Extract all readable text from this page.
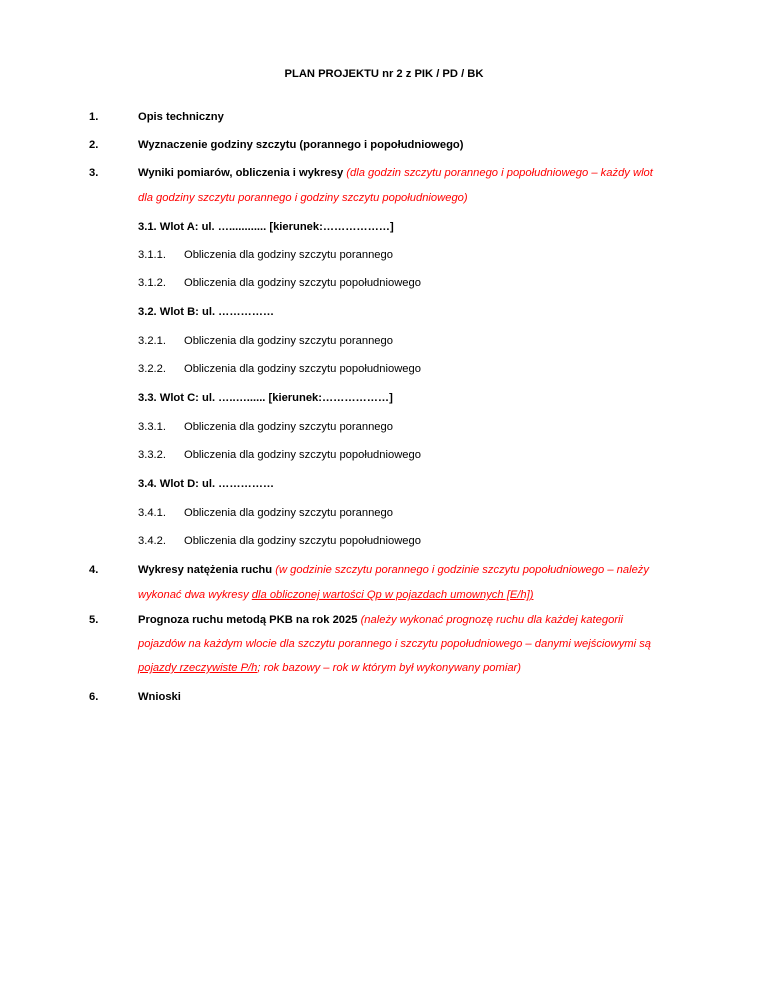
PLAN PROJEKTU nr 2 z PIK / PD / BK
1.	Opis techniczny
2.	Wyznaczenie godziny szczytu (porannego i popołudniowego)
3.	Wyniki pomiarów, obliczenia i wykresy (dla godzin szczytu porannego i popołudniowego – każdy wlot
dla godziny szczytu porannego i godziny szczytu popołudniowego)
3.1. Wlot A: ul. …............ [kierunek:………………]
3.1.1. Obliczenia dla godziny szczytu porannego
3.1.2. Obliczenia dla godziny szczytu popołudniowego
3.2. Wlot B: ul. ……………
3.2.1. Obliczenia dla godziny szczytu porannego
3.2.2. Obliczenia dla godziny szczytu popołudniowego
3.3. Wlot C: ul. …..…...... [kierunek:………………]
3.3.1. Obliczenia dla godziny szczytu porannego
3.3.2. Obliczenia dla godziny szczytu popołudniowego
3.4. Wlot D: ul. ……………
3.4.1. Obliczenia dla godziny szczytu porannego
3.4.2. Obliczenia dla godziny szczytu popołudniowego
4.	Wykresy natężenia ruchu (w godzinie szczytu porannego i godzinie szczytu popołudniowego – należy
wykonać dwa wykresy dla obliczonej wartości Qp w pojazdach umownych [E/h])
5.	Prognoza ruchu metodą PKB na rok 2025 (należy wykonać prognozę ruchu dla każdej kategorii
pojazdów na każdym wlocie dla szczytu porannego i szczytu popołudniowego – danymi wejściowymi są
pojazdy rzeczywiste P/h; rok bazowy – rok w którym był wykonywany pomiar)
6.	Wnioski
